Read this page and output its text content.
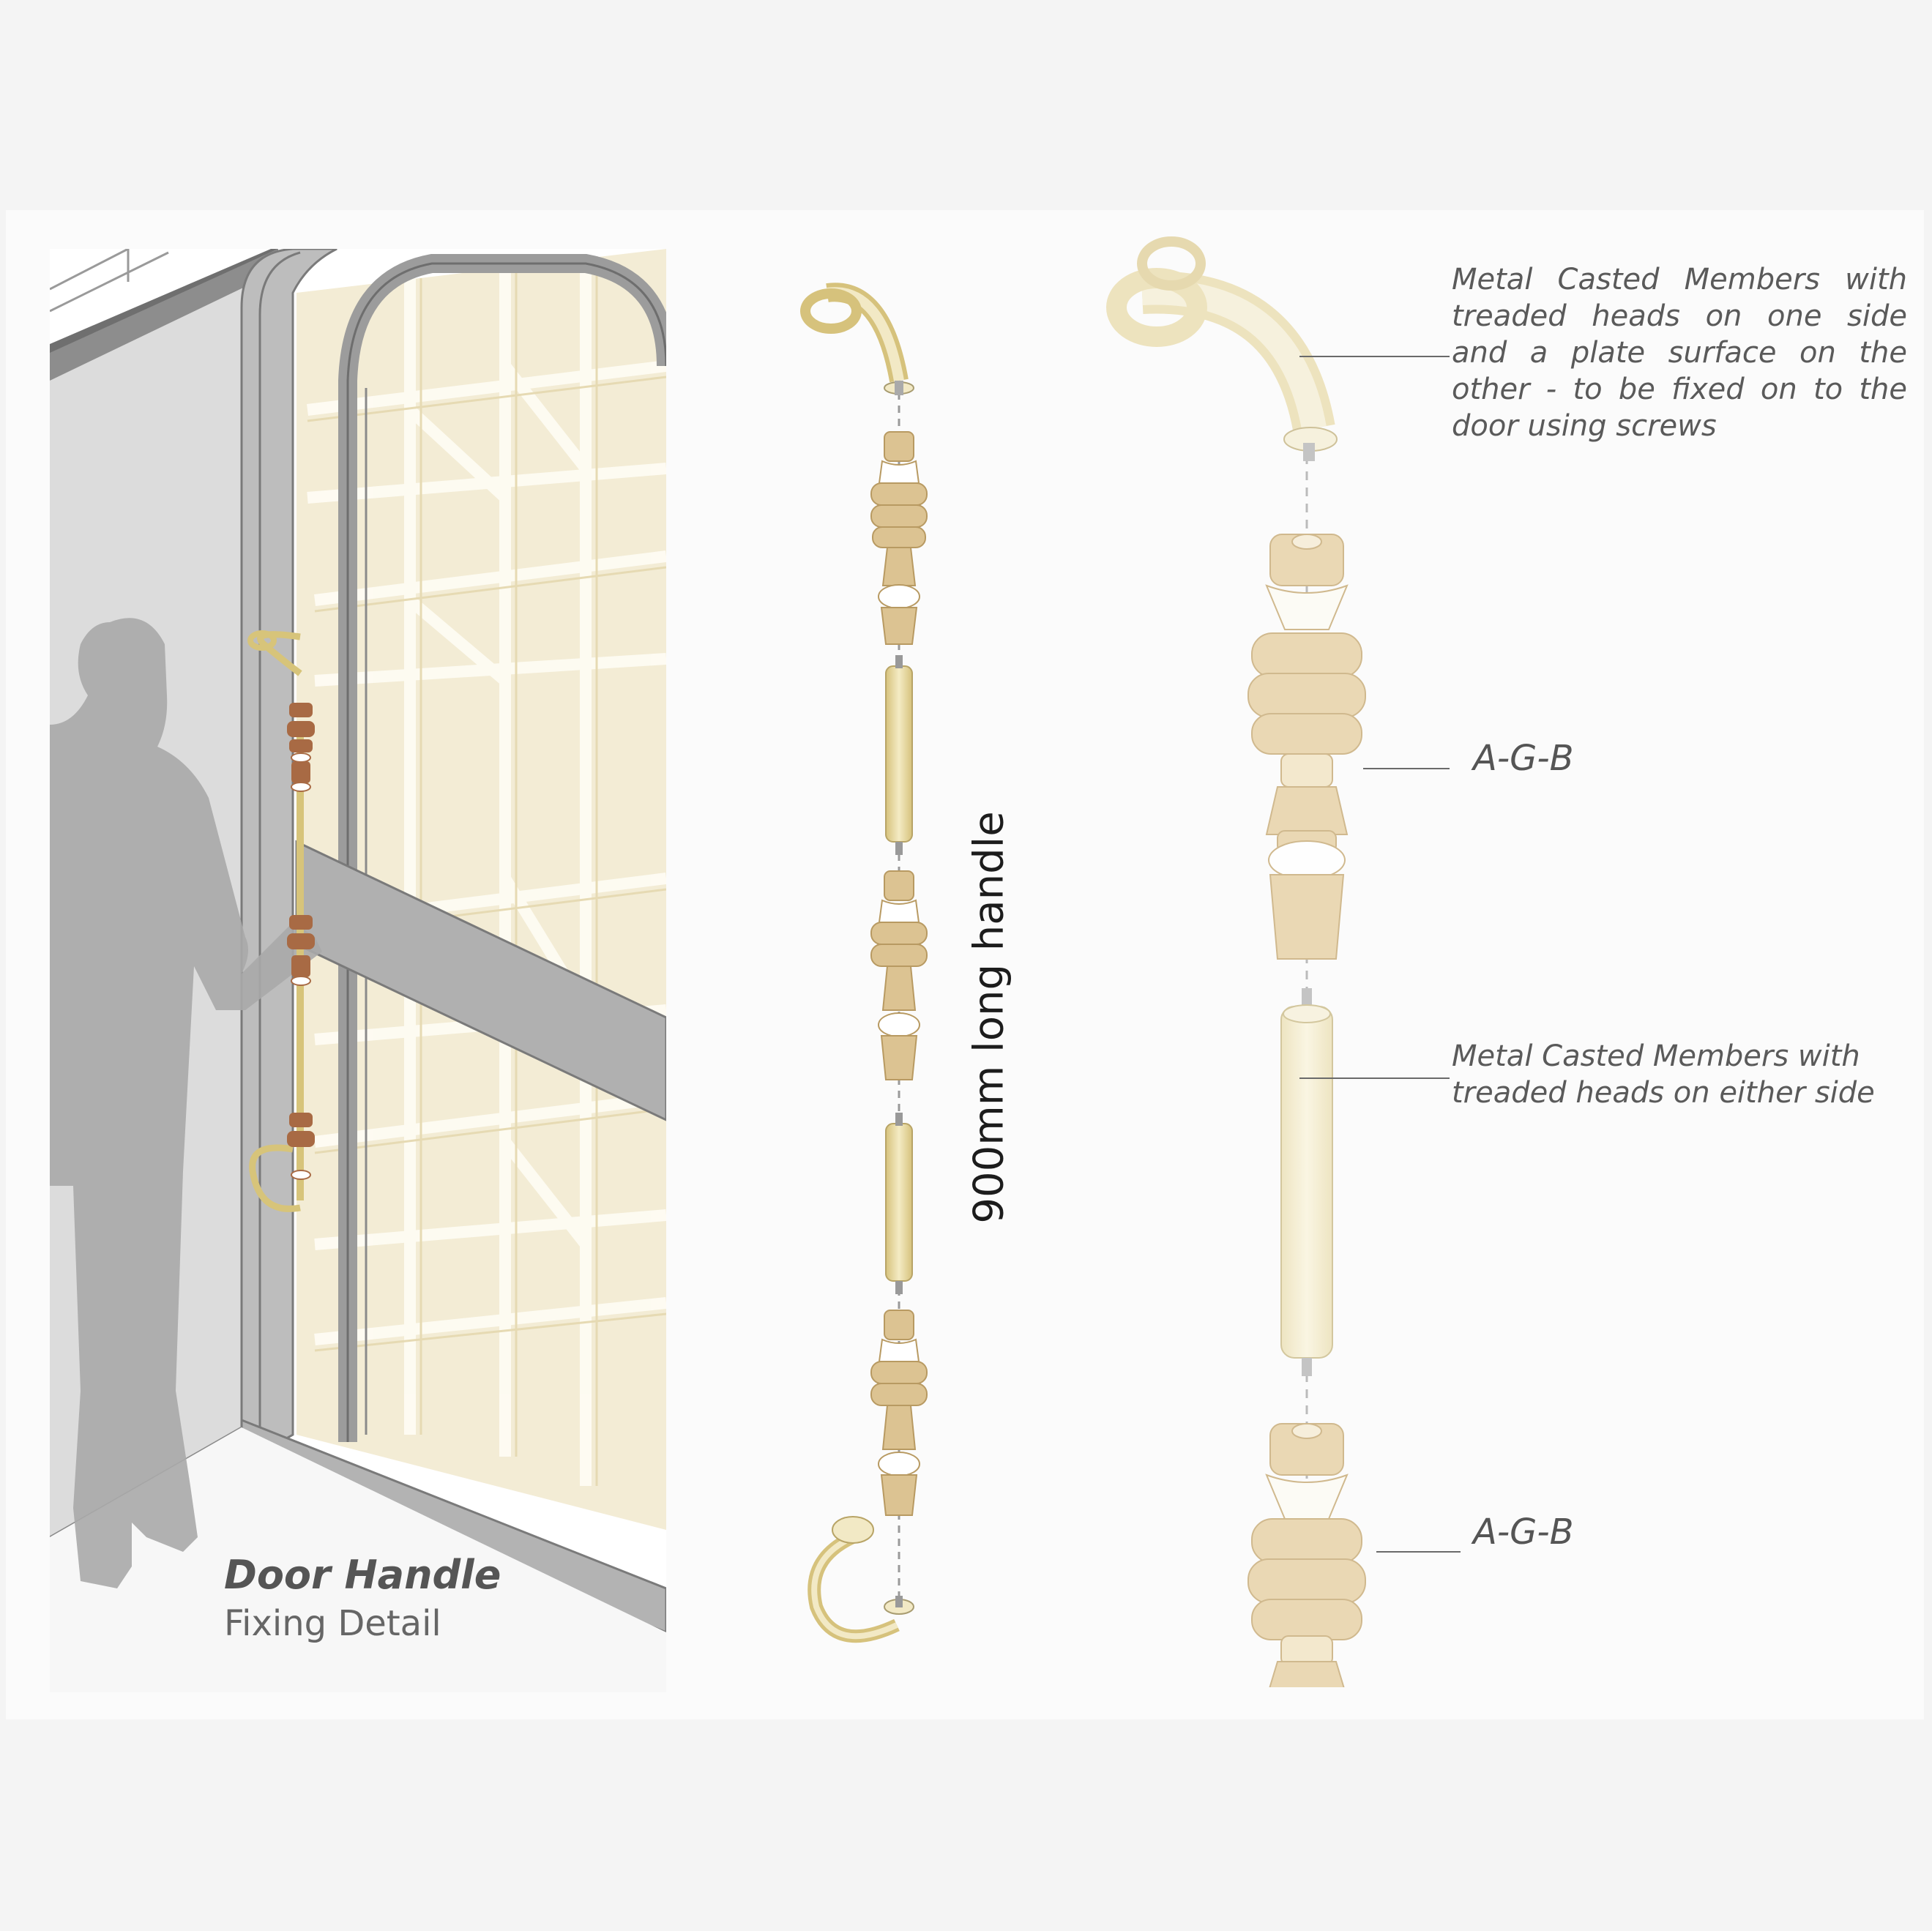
Door Handle
Fixing Detail
900mm long handle
Metal Casted Members with treaded heads on one side and a plate surface on the other - to be fixed on to the door using screws
Metal Casted Members with treaded heads on either side
A-G-B
A-G-B
